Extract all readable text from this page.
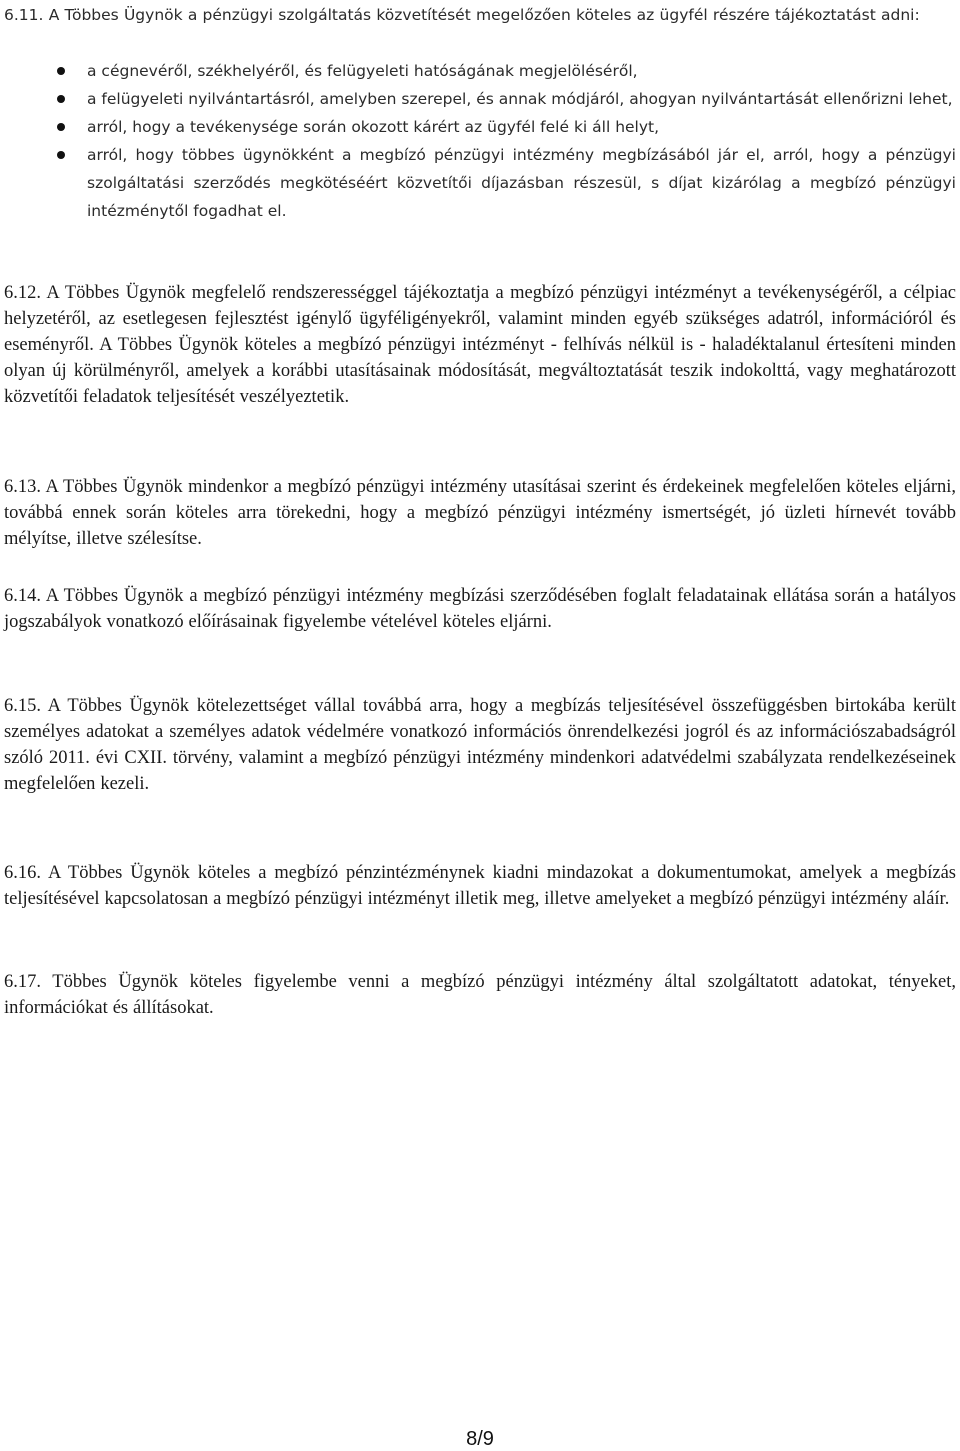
6.11. A Többes Ügynök a pénzügyi szolgáltatás közvetítését megelőzően köteles az ügyfél részére tájékoztatást adni:

a cégnevéről, székhelyéről, és felügyeleti hatóságának megjelöléséről,
a felügyeleti nyilvántartásról, amelyben szerepel, és annak módjáról, ahogyan nyilvántartását ellenőrizni lehet,
arról, hogy a tevékenysége során okozott kárért az ügyfél felé ki áll helyt,
arról, hogy többes ügynökként a megbízó pénzügyi intézmény megbízásából jár el, arról, hogy a pénzügyi szolgáltatási szerződés megkötéséért közvetítői díjazásban részesül, s díjat kizárólag a megbízó pénzügyi intézménytől fogadhat el.

6.12. A Többes Ügynök megfelelő rendszerességgel tájékoztatja a megbízó pénzügyi intézményt a tevékenységéről, a célpiac helyzetéről, az esetlegesen fejlesztést igénylő ügyféligényekről, valamint minden egyéb szükséges adatról, információról és eseményről. A Többes Ügynök köteles a megbízó pénzügyi intézményt - felhívás nélkül is - haladéktalanul értesíteni minden olyan új körülményről, amelyek a korábbi utasításainak módosítását, megváltoztatását teszik indokolttá, vagy meghatározott közvetítői feladatok teljesítését veszélyeztetik.

6.13. A Többes Ügynök mindenkor a megbízó pénzügyi intézmény utasításai szerint és érdekeinek megfelelően köteles eljárni, továbbá ennek során köteles arra törekedni, hogy a megbízó pénzügyi intézmény ismertségét, jó üzleti hírnevét tovább mélyítse, illetve szélesítse.

6.14. A Többes Ügynök a megbízó pénzügyi intézmény megbízási szerződésében foglalt feladatainak ellátása során a hatályos jogszabályok vonatkozó előírásainak figyelembe vételével köteles eljárni.

6.15. A Többes Ügynök kötelezettséget vállal továbbá arra, hogy a megbízás teljesítésével összefüggésben birtokába került személyes adatokat a személyes adatok védelmére vonatkozó információs önrendelkezési jogról és az információszabadságról szóló 2011. évi CXII. törvény, valamint a megbízó pénzügyi intézmény mindenkori adatvédelmi szabályzata rendelkezéseinek megfelelően kezeli.

6.16. A Többes Ügynök köteles a megbízó pénzintézménynek kiadni mindazokat a dokumentumokat, amelyek a megbízás teljesítésével kapcsolatosan a megbízó pénzügyi intézményt illetik meg, illetve amelyeket a megbízó pénzügyi intézmény aláír.

6.17. Többes Ügynök köteles figyelembe venni a megbízó pénzügyi intézmény által szolgáltatott adatokat, tényeket, információkat és állításokat.

8/9
